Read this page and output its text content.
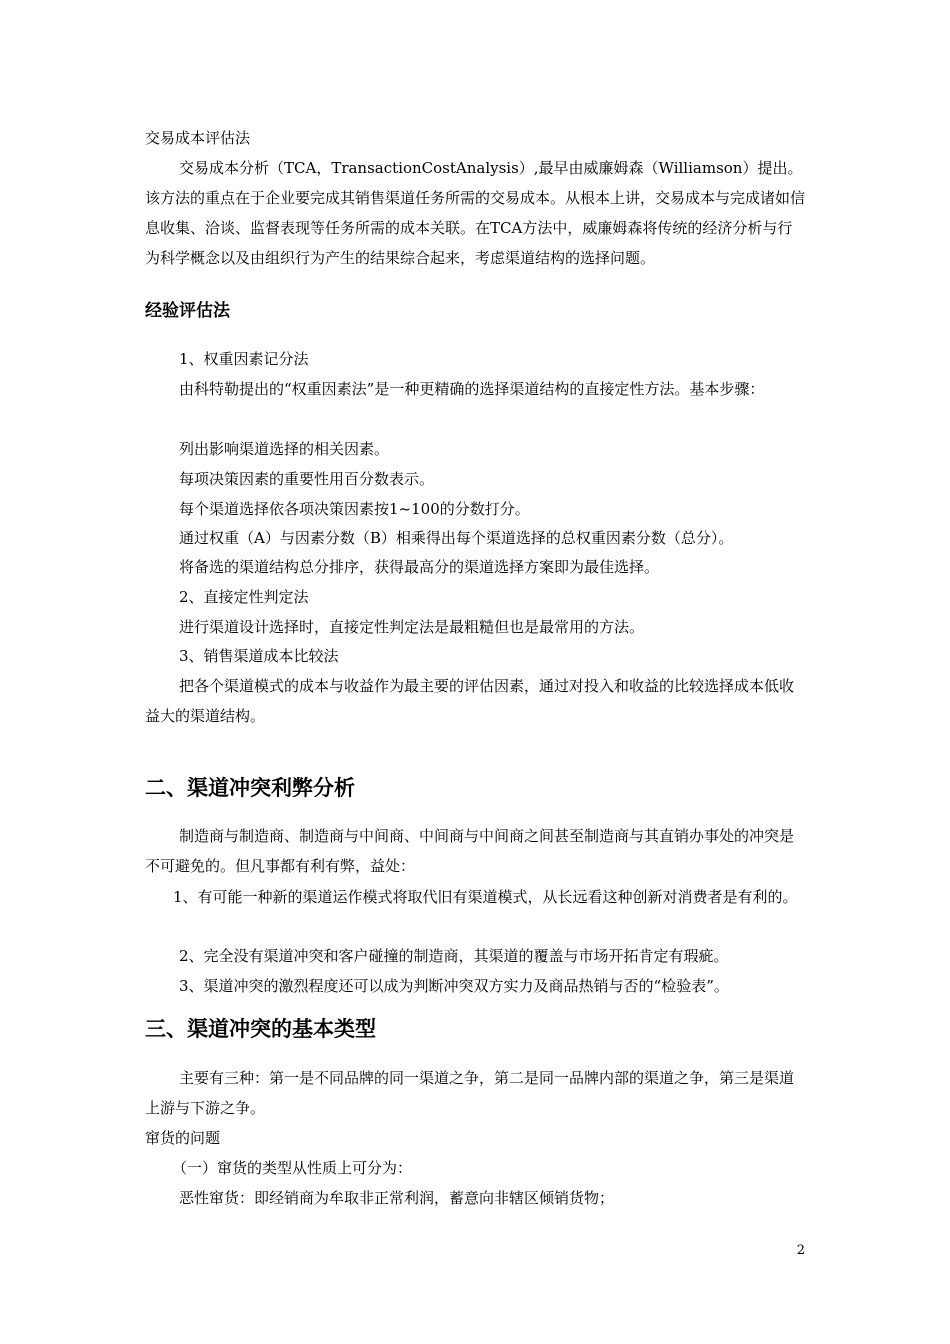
交易成本评估法

交易成本分析（TCA，TransactionCostAnalysis）,最早由威廉姆森（Williamson）提出。该方法的重点在于企业要完成其销售渠道任务所需的交易成本。从根本上讲，交易成本与完成诸如信息收集、洽谈、监督表现等任务所需的成本关联。在TCA方法中，威廉姆森将传统的经济分析与行为科学概念以及由组织行为产生的结果综合起来，考虑渠道结构的选择问题。

经验评估法

1、权重因素记分法

由科特勒提出的“权重因素法”是一种更精确的选择渠道结构的直接定性方法。基本步骤：

列出影响渠道选择的相关因素。

每项决策因素的重要性用百分数表示。

每个渠道选择依各项决策因素按1~100的分数打分。

通过权重（A）与因素分数（B）相乘得出每个渠道选择的总权重因素分数（总分）。

将备选的渠道结构总分排序，获得最高分的渠道选择方案即为最佳选择。

2、直接定性判定法

进行渠道设计选择时，直接定性判定法是最粗糙但也是最常用的方法。

3、销售渠道成本比较法

把各个渠道模式的成本与收益作为最主要的评估因素，通过对投入和收益的比较选择成本低收益大的渠道结构。

二、渠道冲突利弊分析

制造商与制造商、制造商与中间商、中间商与中间商之间甚至制造商与其直销办事处的冲突是不可避免的。但凡事都有利有弊，益处：

1、有可能一种新的渠道运作模式将取代旧有渠道模式，从长远看这种创新对消费者是有利的。

2、完全没有渠道冲突和客户碰撞的制造商，其渠道的覆盖与市场开拓肯定有瑕疵。

3、渠道冲突的激烈程度还可以成为判断冲突双方实力及商品热销与否的“检验表”。

三、渠道冲突的基本类型

主要有三种：第一是不同品牌的同一渠道之争，第二是同一品牌内部的渠道之争，第三是渠道上游与下游之争。

窜货的问题

（一）窜货的类型从性质上可分为：

恶性窜货：即经销商为牟取非正常利润，蓄意向非辖区倾销货物；

2
